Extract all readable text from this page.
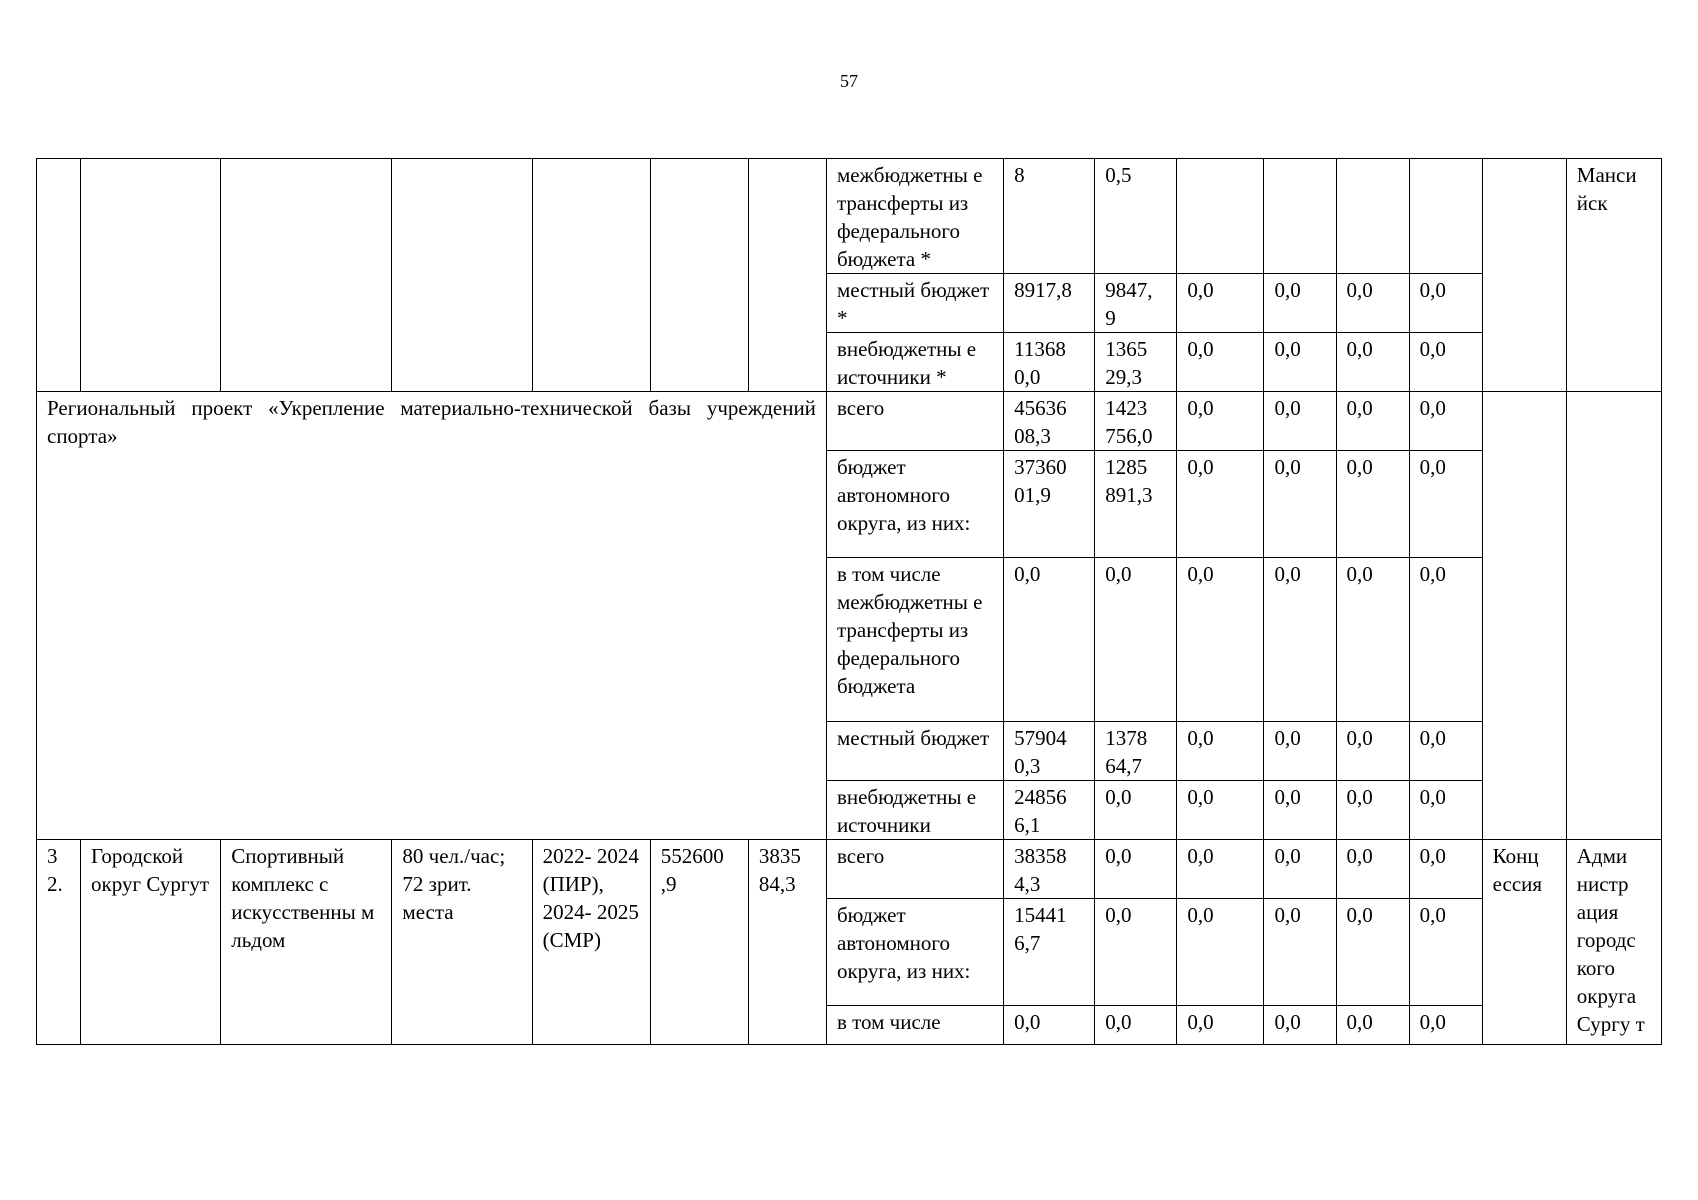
57
							межбюджетны е трансферты из федерального бюджета *	8	0,5						Манси йск
							местный бюджет *	8917,8	9847, 9	0,0	0,0	0,0	0,0		
							внебюджетны е источники *	11368 0,0	1365 29,3	0,0	0,0	0,0	0,0		
Региональный проект «Укрепление материально-технической базы учреждений спорта»							всего	45636 08,3	1423 756,0	0,0	0,0	0,0	0,0		
							бюджет автономного округа, из них:	37360 01,9	1285 891,3	0,0	0,0	0,0	0,0		
							в том числе межбюджетны е трансферты из федерального бюджета	0,0	0,0	0,0	0,0	0,0	0,0		
							местный бюджет	57904 0,3	1378 64,7	0,0	0,0	0,0	0,0		
							внебюджетны е источники	24856 6,1	0,0	0,0	0,0	0,0	0,0		
3 2.	Городской округ Сургут	Спортивный комплекс с искусственны м льдом	80 чел./час; 72 зрит. места	2022- 2024 (ПИР), 2024- 2025 (СМР)	552600 ,9	3835 84,3	всего	38358 4,3	0,0	0,0	0,0	0,0	0,0	Конц ессия	Адми нистр ация городс кого округа Сургу т
							бюджет автономного округа, из них:	15441 6,7	0,0	0,0	0,0	0,0	0,0		
							в том числе	0,0	0,0	0,0	0,0	0,0	0,0		
